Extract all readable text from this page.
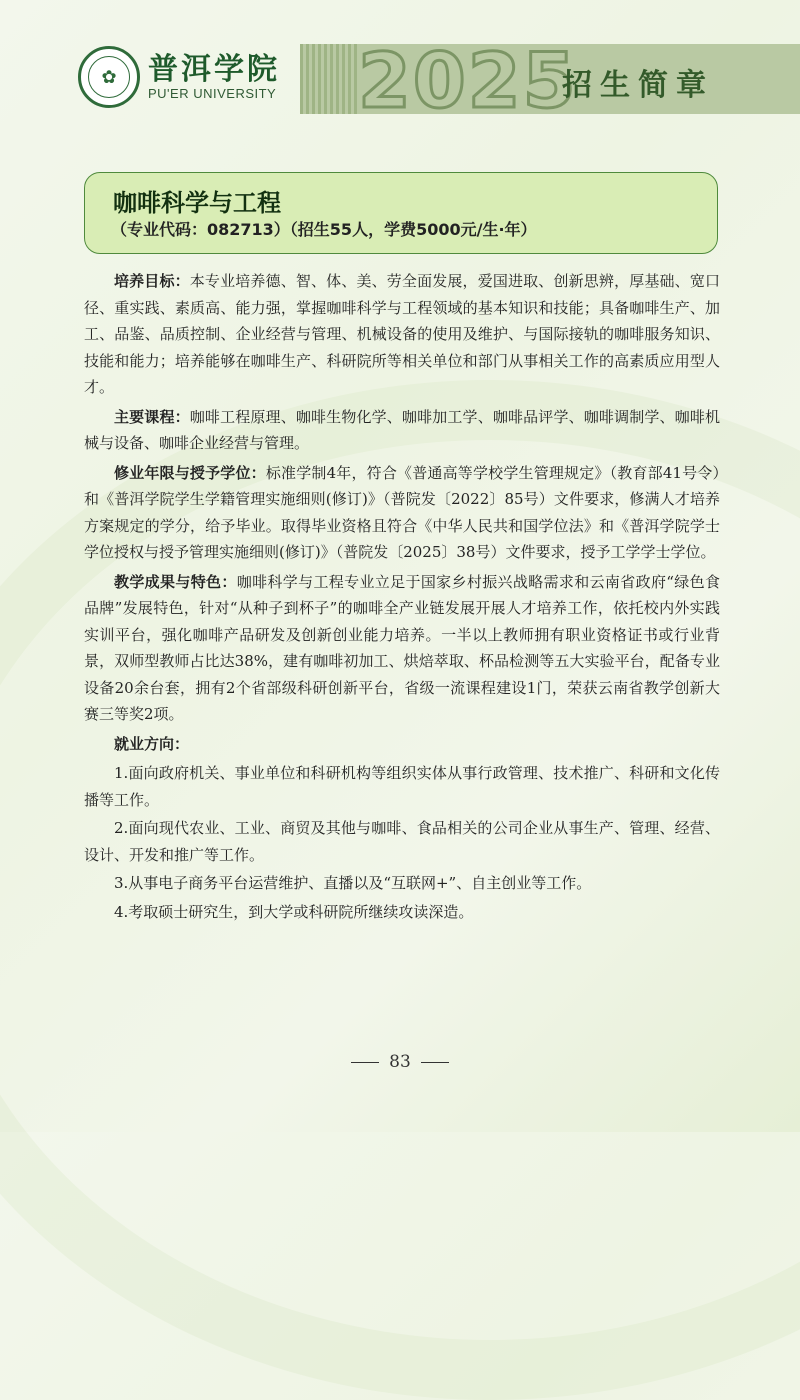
✿	普洱学院
PU'ER UNIVERSITY 2025
招生简章
咖啡科学与工程
（专业代码：082713）（招生55人，学费5000元/生·年）

培养目标：本专业培养德、智、体、美、劳全面发展，爱国进取、创新思辨，厚基础、宽口径、重实践、素质高、能力强，掌握咖啡科学与工程领域的基本知识和技能；具备咖啡生产、加工、品鉴、品质控制、企业经营与管理、机械设备的使用及维护、与国际接轨的咖啡服务知识、技能和能力；培养能够在咖啡生产、科研院所等相关单位和部门从事相关工作的高素质应用型人才。

主要课程：咖啡工程原理、咖啡生物化学、咖啡加工学、咖啡品评学、咖啡调制学、咖啡机械与设备、咖啡企业经营与管理。

修业年限与授予学位：标准学制4年，符合《普通高等学校学生管理规定》（教育部41号令）和《普洱学院学生学籍管理实施细则(修订)》（普院发〔2022〕85号）文件要求，修满人才培养方案规定的学分，给予毕业。取得毕业资格且符合《中华人民共和国学位法》和《普洱学院学士学位授权与授予管理实施细则(修订)》（普院发〔2025〕38号）文件要求，授予工学学士学位。

教学成果与特色：咖啡科学与工程专业立足于国家乡村振兴战略需求和云南省政府“绿色食品牌”发展特色，针对“从种子到杯子”的咖啡全产业链发展开展人才培养工作，依托校内外实践实训平台，强化咖啡产品研发及创新创业能力培养。一半以上教师拥有职业资格证书或行业背景，双师型教师占比达38%，建有咖啡初加工、烘焙萃取、杯品检测等五大实验平台，配备专业设备20余台套，拥有2个省部级科研创新平台，省级一流课程建设1门，荣获云南省教学创新大赛三等奖2项。

就业方向：

1.面向政府机关、事业单位和科研机构等组织实体从事行政管理、技术推广、科研和文化传播等工作。

2.面向现代农业、工业、商贸及其他与咖啡、食品相关的公司企业从事生产、管理、经营、设计、开发和推广等工作。

3.从事电子商务平台运营维护、直播以及“互联网+”、自主创业等工作。

4.考取硕士研究生，到大学或科研院所继续攻读深造。

83
